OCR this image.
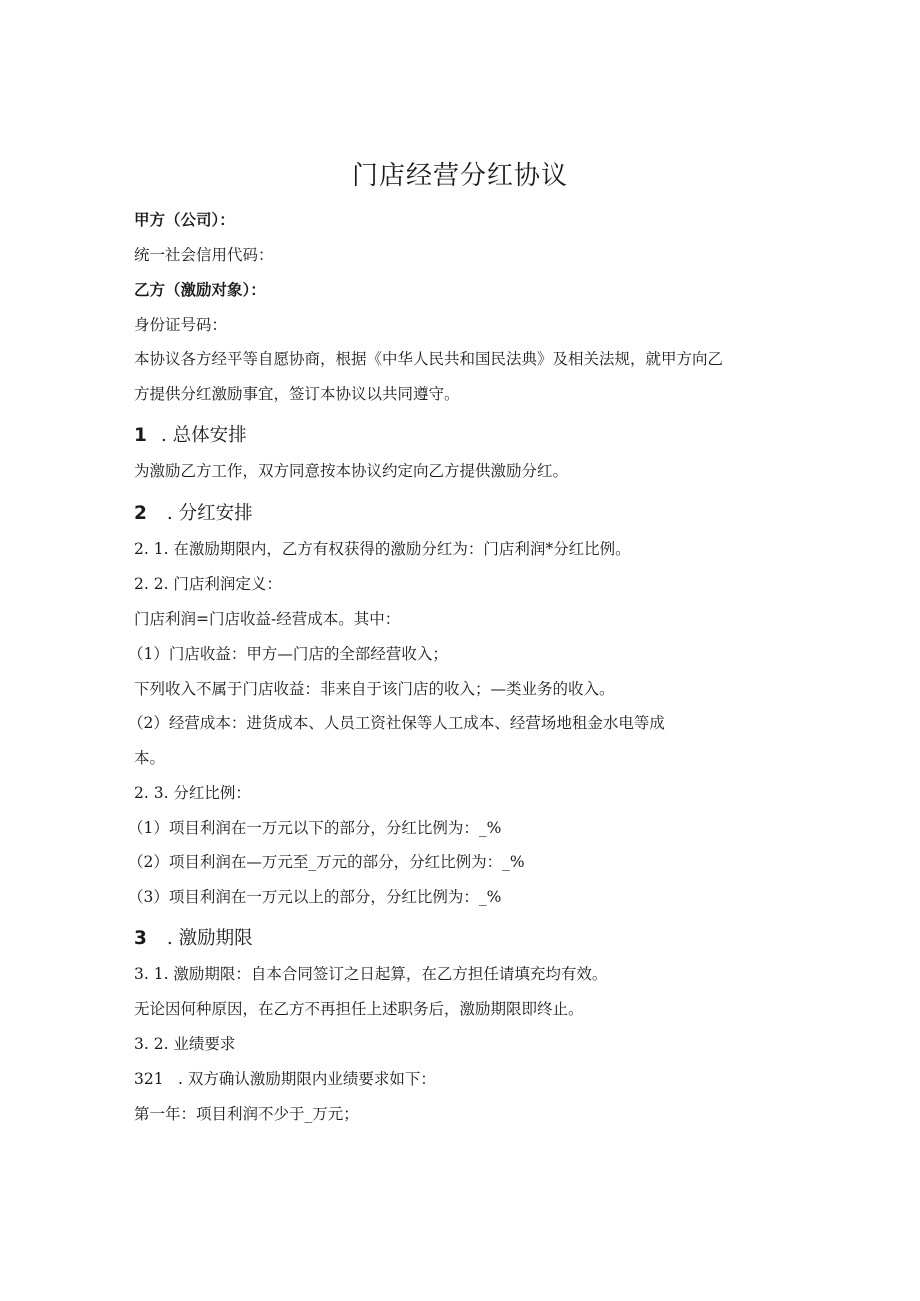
门店经营分红协议
甲方（公司）：
统一社会信用代码：
乙方（激励对象）：
身份证号码：
本协议各方经平等自愿协商，根据《中华人民共和国民法典》及相关法规，就甲方向乙
方提供分红激励事宜，签订本协议以共同遵守。
1 . 总体安排
为激励乙方工作，双方同意按本协议约定向乙方提供激励分红。
2 . 分红安排
2. 1. 在激励期限内，乙方有权获得的激励分红为：门店利润*分红比例。
2. 2. 门店利润定义：
门店利润=门店收益-经营成本。其中：
（1）门店收益：甲方—门店的全部经营收入；
下列收入不属于门店收益：非来自于该门店的收入；—类业务的收入。
（2）经营成本：进货成本、人员工资社保等人工成本、经营场地租金水电等成
本。
2. 3. 分红比例：
（1）项目利润在一万元以下的部分，分红比例为：_%
（2）项目利润在—万元至_万元的部分，分红比例为：_%
（3）项目利润在一万元以上的部分，分红比例为：_%
3 . 激励期限
3. 1. 激励期限：自本合同签订之日起算，在乙方担任请填充均有效。
无论因何种原因，在乙方不再担任上述职务后，激励期限即终止。
3. 2. 业绩要求
321 . 双方确认激励期限内业绩要求如下：
第一年：项目利润不少于_万元；
